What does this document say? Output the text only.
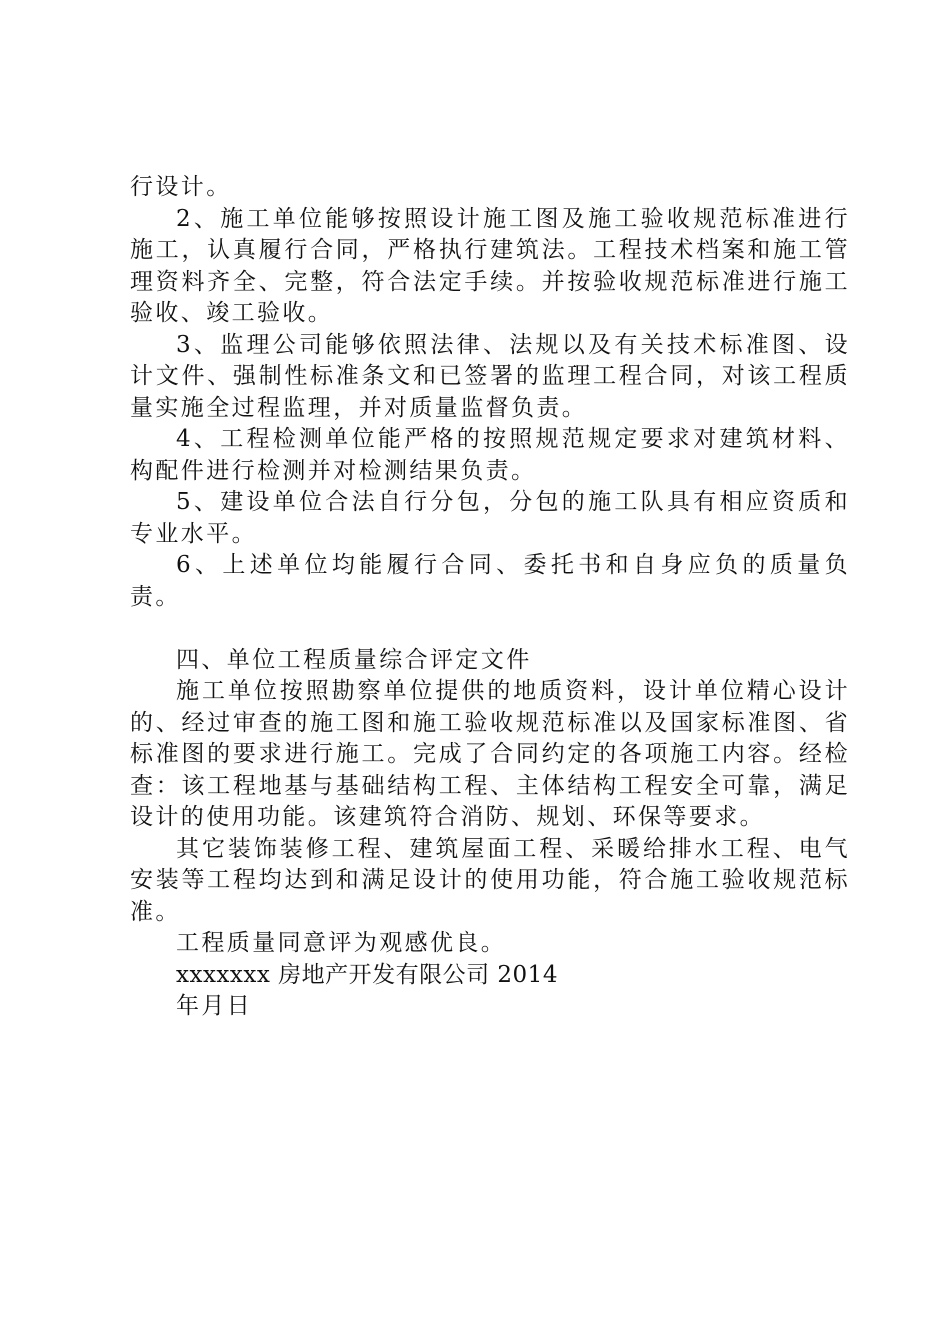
行设计。

2、施工单位能够按照设计施工图及施工验收规范标准进行施工，认真履行合同，严格执行建筑法。工程技术档案和施工管理资料齐全、完整，符合法定手续。并按验收规范标准进行施工验收、竣工验收。

3、监理公司能够依照法律、法规以及有关技术标准图、设计文件、强制性标准条文和已签署的监理工程合同，对该工程质量实施全过程监理，并对质量监督负责。

4、工程检测单位能严格的按照规范规定要求对建筑材料、构配件进行检测并对检测结果负责。

5、建设单位合法自行分包，分包的施工队具有相应资质和专业水平。

6、上述单位均能履行合同、委托书和自身应负的质量负责。

四、单位工程质量综合评定文件

施工单位按照勘察单位提供的地质资料，设计单位精心设计的、经过审查的施工图和施工验收规范标准以及国家标准图、省标准图的要求进行施工。完成了合同约定的各项施工内容。经检查：该工程地基与基础结构工程、主体结构工程安全可靠，满足设计的使用功能。该建筑符合消防、规划、环保等要求。

其它装饰装修工程、建筑屋面工程、采暖给排水工程、电气安装等工程均达到和满足设计的使用功能，符合施工验收规范标准。

工程质量同意评为观感优良。

xxxxxxx 房地产开发有限公司 2014

年月日
